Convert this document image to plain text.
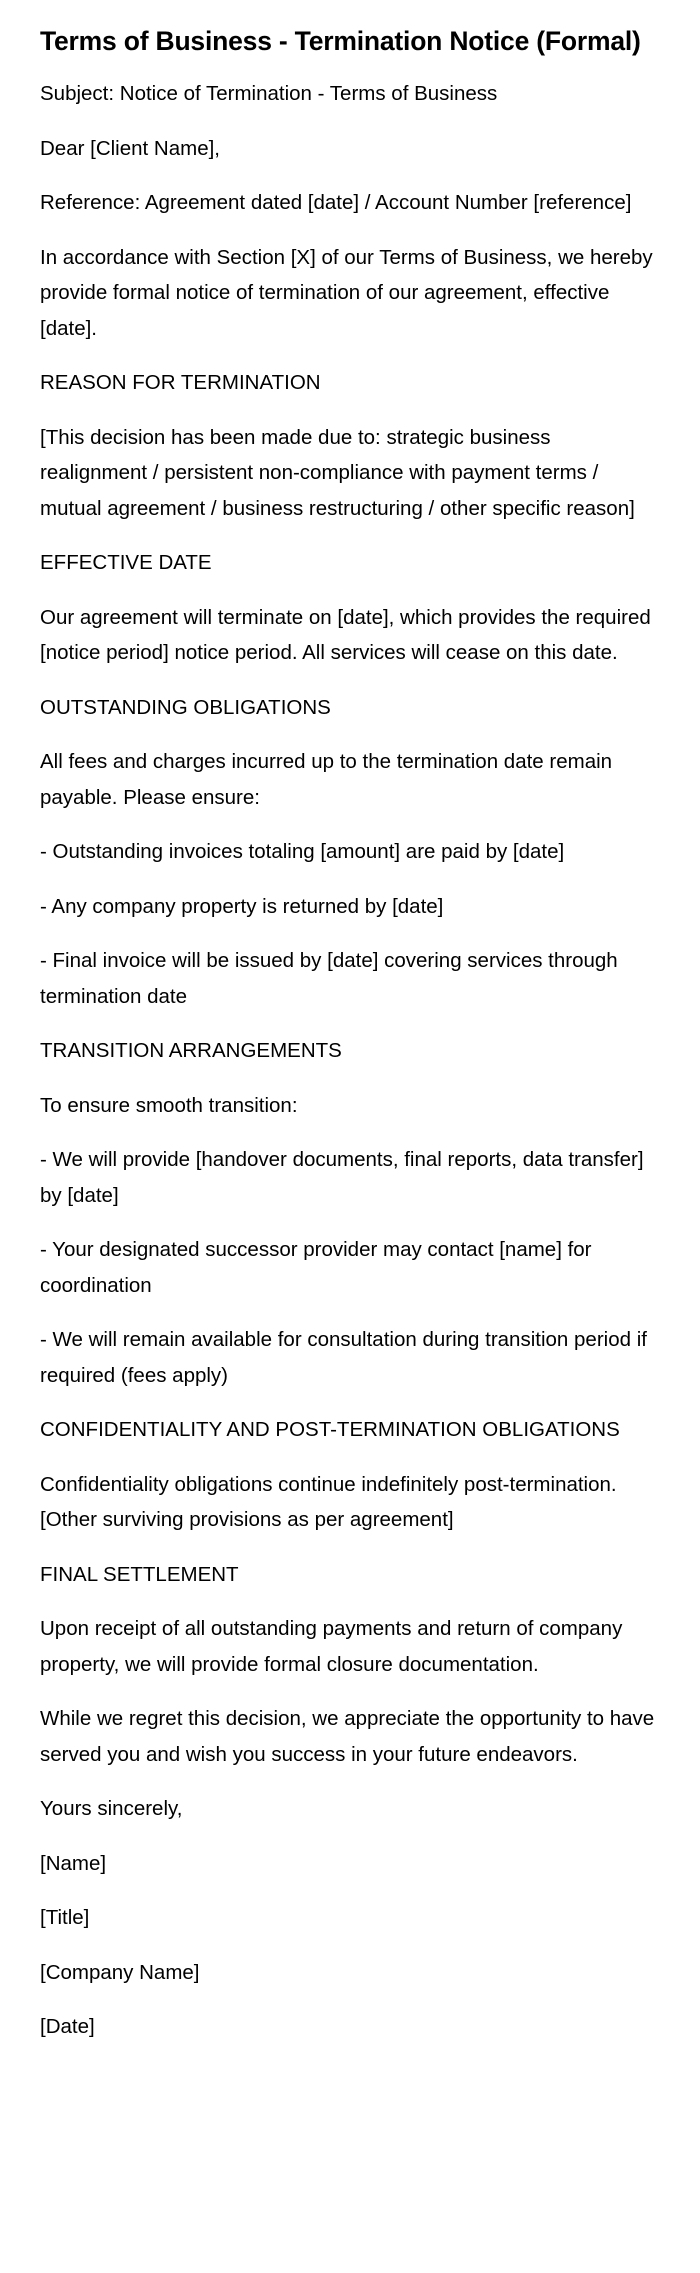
Terms of Business - Termination Notice (Formal)

Subject: Notice of Termination - Terms of Business

Dear [Client Name],

Reference: Agreement dated [date] / Account Number [reference]

In accordance with Section [X] of our Terms of Business, we hereby provide formal notice of termination of our agreement, effective [date].

REASON FOR TERMINATION

[This decision has been made due to: strategic business realignment / persistent non-compliance with payment terms / mutual agreement / business restructuring / other specific reason]

EFFECTIVE DATE

Our agreement will terminate on [date], which provides the required [notice period] notice period. All services will cease on this date.

OUTSTANDING OBLIGATIONS

All fees and charges incurred up to the termination date remain payable. Please ensure:

- Outstanding invoices totaling [amount] are paid by [date]

- Any company property is returned by [date]

- Final invoice will be issued by [date] covering services through termination date

TRANSITION ARRANGEMENTS

To ensure smooth transition:

- We will provide [handover documents, final reports, data transfer] by [date]

- Your designated successor provider may contact [name] for coordination

- We will remain available for consultation during transition period if required (fees apply)

CONFIDENTIALITY AND POST-TERMINATION OBLIGATIONS

Confidentiality obligations continue indefinitely post-termination. [Other surviving provisions as per agreement]

FINAL SETTLEMENT

Upon receipt of all outstanding payments and return of company property, we will provide formal closure documentation.

While we regret this decision, we appreciate the opportunity to have served you and wish you success in your future endeavors.

Yours sincerely,

[Name]

[Title]

[Company Name]

[Date]
